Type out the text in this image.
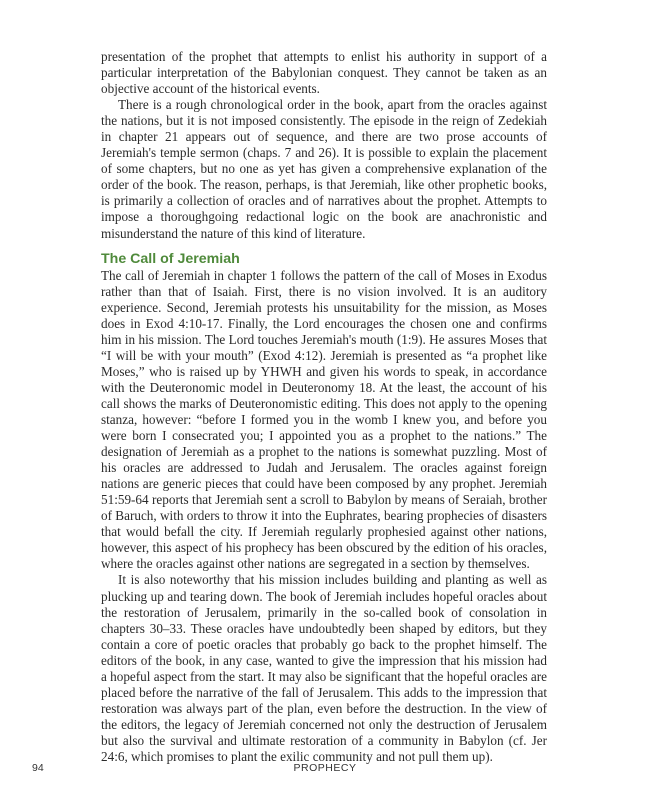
presentation of the prophet that attempts to enlist his authority in support of a particular interpretation of the Babylonian conquest. They cannot be taken as an objective account of the historical events.

There is a rough chronological order in the book, apart from the oracles against the nations, but it is not imposed consistently. The episode in the reign of Zedekiah in chapter 21 appears out of sequence, and there are two prose accounts of Jeremiah's temple sermon (chaps. 7 and 26). It is possible to explain the placement of some chapters, but no one as yet has given a comprehensive explanation of the order of the book. The reason, perhaps, is that Jeremiah, like other prophetic books, is primarily a collection of oracles and of narratives about the prophet. Attempts to impose a thoroughgoing redactional logic on the book are anachronistic and misunderstand the nature of this kind of literature.

The Call of Jeremiah

The call of Jeremiah in chapter 1 follows the pattern of the call of Moses in Exodus rather than that of Isaiah. First, there is no vision involved. It is an auditory experience. Second, Jeremiah protests his unsuitability for the mission, as Moses does in Exod 4:10-17. Finally, the Lord encourages the chosen one and confirms him in his mission. The Lord touches Jeremiah's mouth (1:9). He assures Moses that “I will be with your mouth” (Exod 4:12). Jeremiah is presented as “a prophet like Moses,” who is raised up by YHWH and given his words to speak, in accordance with the Deuteronomic model in Deuteronomy 18. At the least, the account of his call shows the marks of Deuteronomistic editing. This does not apply to the opening stanza, however: “before I formed you in the womb I knew you, and before you were born I consecrated you; I appointed you as a prophet to the nations.” The designation of Jeremiah as a prophet to the nations is somewhat puzzling. Most of his oracles are addressed to Judah and Jerusalem. The oracles against foreign nations are generic pieces that could have been composed by any prophet. Jeremiah 51:59-64 reports that Jeremiah sent a scroll to Babylon by means of Seraiah, brother of Baruch, with orders to throw it into the Euphrates, bearing prophecies of disasters that would befall the city. If Jeremiah regularly prophesied against other nations, however, this aspect of his prophecy has been obscured by the edition of his oracles, where the oracles against other nations are segregated in a section by themselves.

It is also noteworthy that his mission includes building and planting as well as plucking up and tearing down. The book of Jeremiah includes hopeful oracles about the restoration of Jerusalem, primarily in the so-called book of consolation in chapters 30–33. These oracles have undoubtedly been shaped by editors, but they contain a core of poetic oracles that probably go back to the prophet himself. The editors of the book, in any case, wanted to give the impression that his mission had a hopeful aspect from the start. It may also be significant that the hopeful oracles are placed before the narrative of the fall of Jerusalem. This adds to the impression that restoration was always part of the plan, even before the destruction. In the view of the editors, the legacy of Jeremiah concerned not only the destruction of Jerusalem but also the survival and ultimate restoration of a community in Babylon (cf. Jer 24:6, which promises to plant the exilic community and not pull them up).

94	PROPHECY
